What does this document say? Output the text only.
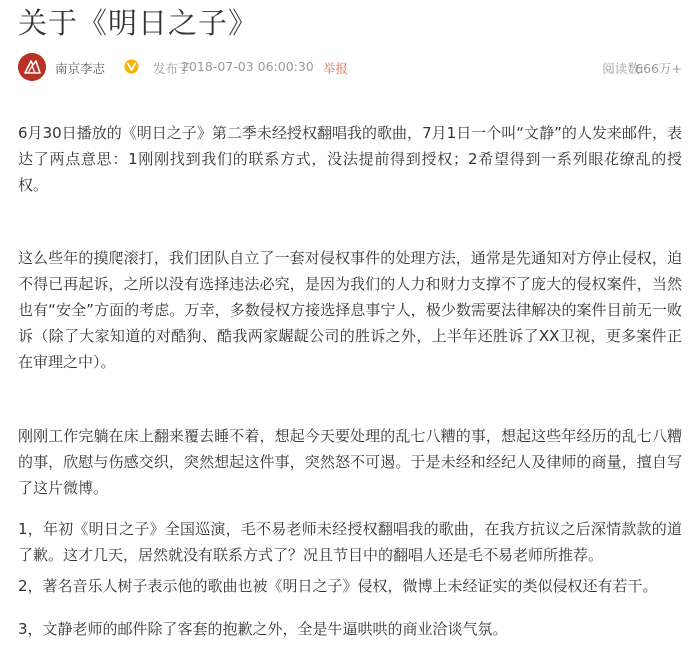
关于《明日之子》
南京李志	发布于
2018-07-03 06:00:30 举报	阅读数:
666万+

6月30日播放的《明日之子》第二季未经授权翻唱我的歌曲，7月1日一个叫“文静”的人发来邮件，表达了两点意思：1刚刚找到我们的联系方式，没法提前得到授权；2希望得到一系列眼花缭乱的授权。

这么些年的摸爬滚打，我们团队自立了一套对侵权事件的处理方法，通常是先通知对方停止侵权，迫不得已再起诉，之所以没有选择违法必究，是因为我们的人力和财力支撑不了庞大的侵权案件，当然也有“安全”方面的考虑。万幸，多数侵权方接选择息事宁人，极少数需要法律解决的案件目前无一败诉（除了大家知道的对酷狗、酷我两家龌龊公司的胜诉之外，上半年还胜诉了XX卫视，更多案件正在审理之中）。

刚刚工作完躺在床上翻来覆去睡不着，想起今天要处理的乱七八糟的事，想起这些年经历的乱七八糟的事，欣慰与伤感交织，突然想起这件事，突然怒不可遏。于是未经和经纪人及律师的商量，擅自写了这片微博。

1，年初《明日之子》全国巡演，毛不易老师未经授权翻唱我的歌曲，在我方抗议之后深情款款的道了歉。这才几天，居然就没有联系方式了？况且节目中的翻唱人还是毛不易老师所推荐。

2，著名音乐人树子表示他的歌曲也被《明日之子》侵权，微博上未经证实的类似侵权还有若干。

3，文静老师的邮件除了客套的抱歉之外，全是牛逼哄哄的商业洽谈气氛。
